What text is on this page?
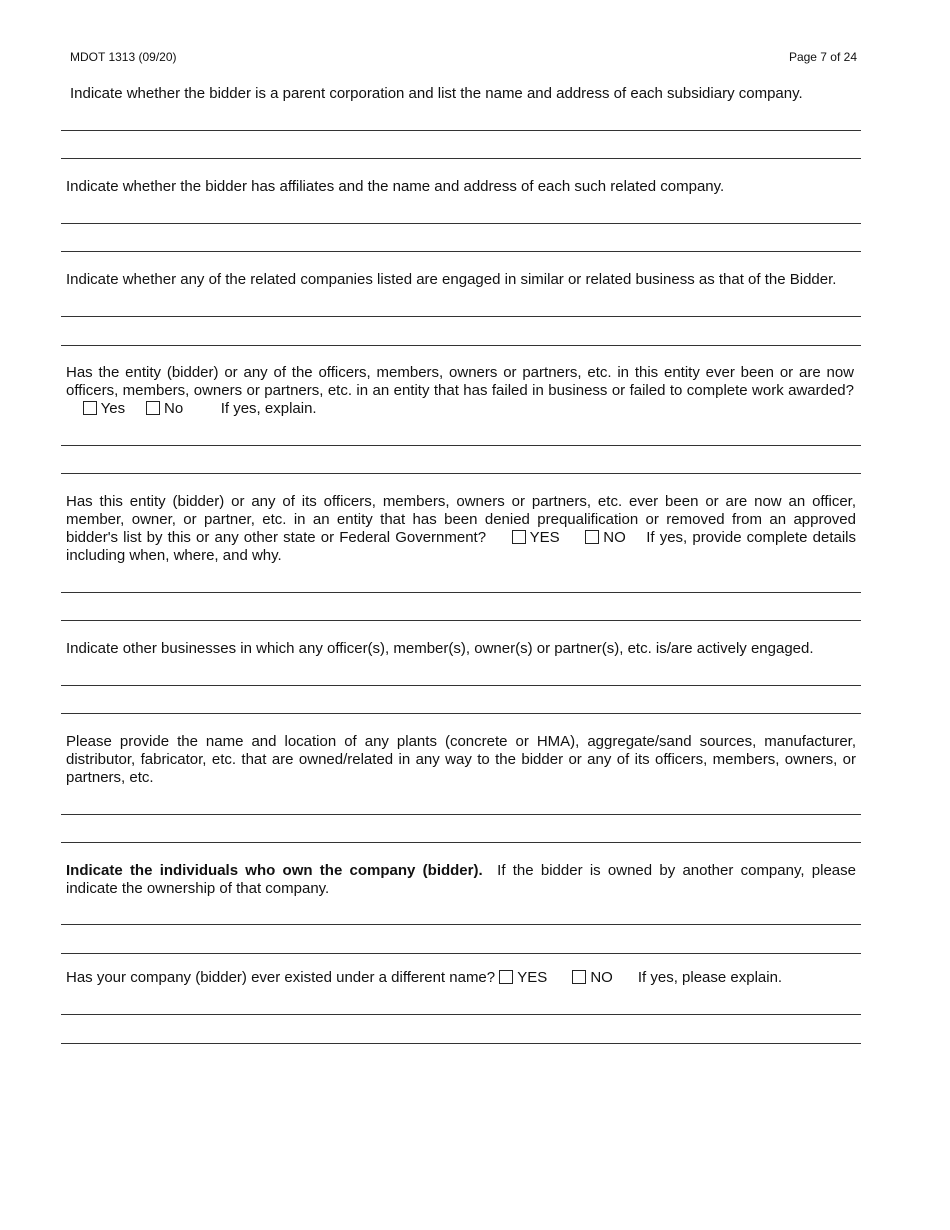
MDOT 1313 (09/20)	Page 7 of 24
Indicate whether the bidder is a parent corporation and list the name and address of each subsidiary company.
Indicate whether the bidder has affiliates and the name and address of each such related company.
Indicate whether any of the related companies listed are engaged in similar or related business as that of the Bidder.
Has the entity (bidder) or any of the officers, members, owners or partners, etc. in this entity ever been or are now officers, members, owners or partners, etc. in an entity that has failed in business or failed to complete work awarded?     Yes	No	If yes, explain.
Has this entity (bidder) or any of its officers, members, owners or partners, etc. ever been or are now an officer, member, owner, or partner, etc. in an entity that has been denied prequalification or removed from an approved bidder's list by this or any other state or Federal Government?	YES	NO If yes, provide complete details including when, where, and why.
Indicate other businesses in which any officer(s), member(s), owner(s) or partner(s), etc. is/are actively engaged.
Please provide the name and location of any plants (concrete or HMA), aggregate/sand sources, manufacturer, distributor, fabricator, etc. that are owned/related in any way to the bidder or any of its officers, members, owners, or partners, etc.
Indicate the individuals who own the company (bidder). If the bidder is owned by another company, please indicate the ownership of that company.
Has your company (bidder) ever existed under a different name? YES	NO If yes, please explain.
